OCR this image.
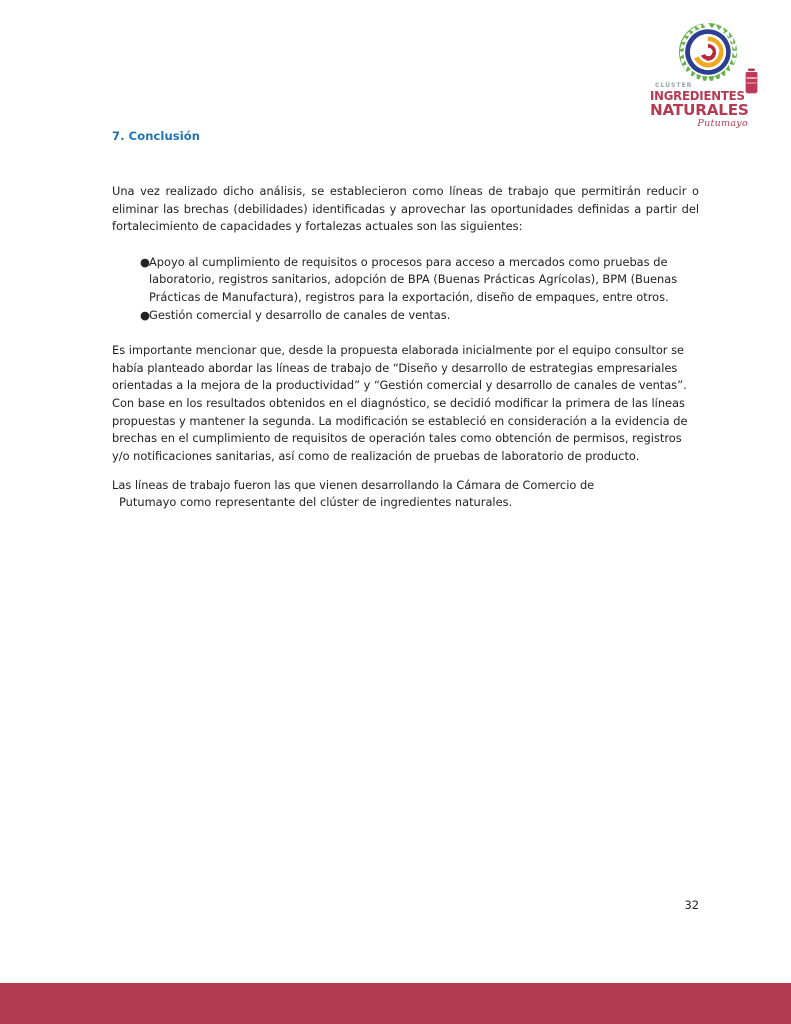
CLÚSTER
INGREDIENTES
NATURALES
Putumayo
7. Conclusión

Una vez realizado dicho análisis, se establecieron como líneas de trabajo que permitirán reducir o eliminar las brechas (debilidades) identificadas y aprovechar las oportunidades definidas a partir del fortalecimiento de capacidades y fortalezas actuales son las siguientes:

● Apoyo al cumplimiento de requisitos o procesos para acceso a mercados como pruebas de laboratorio, registros sanitarios, adopción de BPA (Buenas Prácticas Agrícolas), BPM (Buenas Prácticas de Manufactura), registros para la exportación, diseño de empaques, entre otros.
● Gestión comercial y desarrollo de canales de ventas.

Es importante mencionar que, desde la propuesta elaborada inicialmente por el equipo consultor se había planteado abordar las líneas de trabajo de “Diseño y desarrollo de estrategias empresariales orientadas a la mejora de la productividad” y “Gestión comercial y desarrollo de canales de ventas”. Con base en los resultados obtenidos en el diagnóstico, se decidió modificar la primera de las líneas propuestas y mantener la segunda. La modificación se estableció en consideración a la evidencia de brechas en el cumplimiento de requisitos de operación tales como obtención de permisos, registros y/o notificaciones sanitarias, así como de realización de pruebas de laboratorio de producto.

Las líneas de trabajo fueron las que vienen desarrollando la Cámara de Comercio de
Putumayo como representante del clúster de ingredientes naturales.

32
